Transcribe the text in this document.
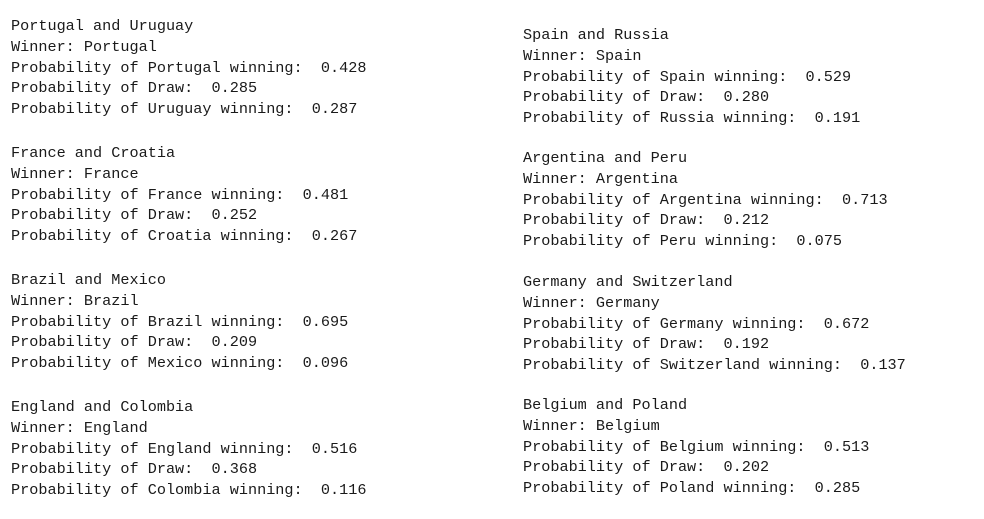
Portugal and Uruguay
Winner: Portugal
Probability of Portugal winning:  0.428
Probability of Draw:  0.285
Probability of Uruguay winning:  0.287
France and Croatia
Winner: France
Probability of France winning:  0.481
Probability of Draw:  0.252
Probability of Croatia winning:  0.267
Brazil and Mexico
Winner: Brazil
Probability of Brazil winning:  0.695
Probability of Draw:  0.209
Probability of Mexico winning:  0.096
England and Colombia
Winner: England
Probability of England winning:  0.516
Probability of Draw:  0.368
Probability of Colombia winning:  0.116
Spain and Russia
Winner: Spain
Probability of Spain winning:  0.529
Probability of Draw:  0.280
Probability of Russia winning:  0.191
Argentina and Peru
Winner: Argentina
Probability of Argentina winning:  0.713
Probability of Draw:  0.212
Probability of Peru winning:  0.075
Germany and Switzerland
Winner: Germany
Probability of Germany winning:  0.672
Probability of Draw:  0.192
Probability of Switzerland winning:  0.137
Belgium and Poland
Winner: Belgium
Probability of Belgium winning:  0.513
Probability of Draw:  0.202
Probability of Poland winning:  0.285
